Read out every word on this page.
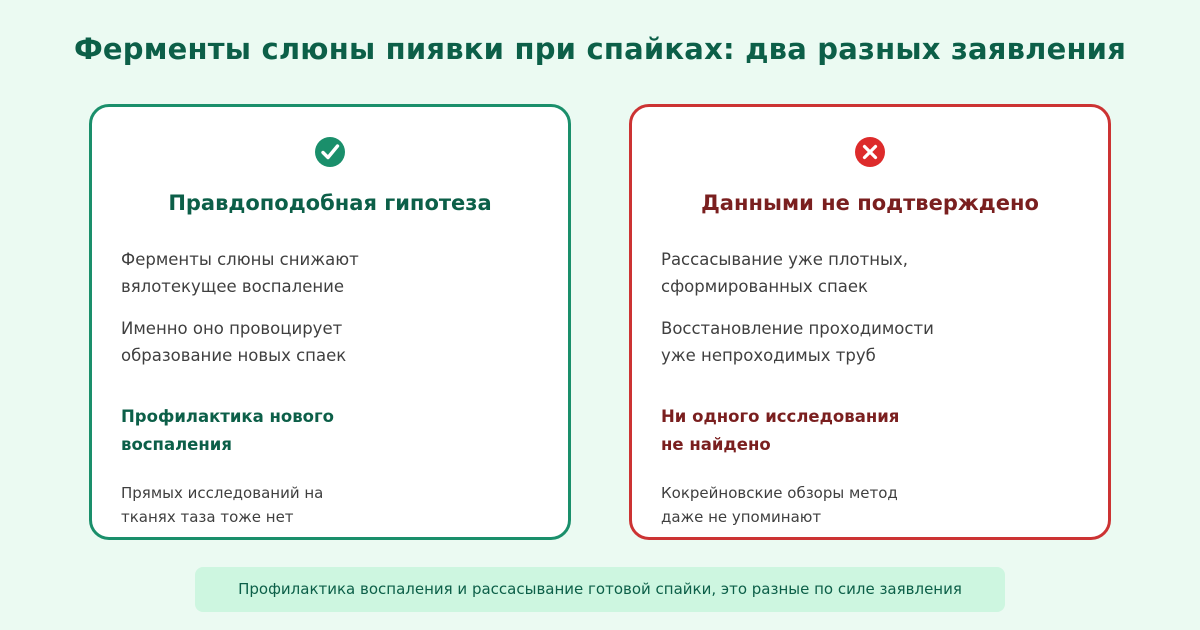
Ферменты слюны пиявки при спайках: два разных заявления
Правдоподобная гипотеза
Ферменты слюны снижают
вялотекущее воспаление
Именно оно провоцирует
образование новых спаек
Профилактика нового
воспаления
Прямых исследований на
тканях таза тоже нет
Данными не подтверждено
Рассасывание уже плотных,
сформированных спаек
Восстановление проходимости
уже непроходимых труб
Ни одного исследования
не найдено
Кокрейновские обзоры метод
даже не упоминают
Профилактика воспаления и рассасывание готовой спайки, это разные по силе заявления
